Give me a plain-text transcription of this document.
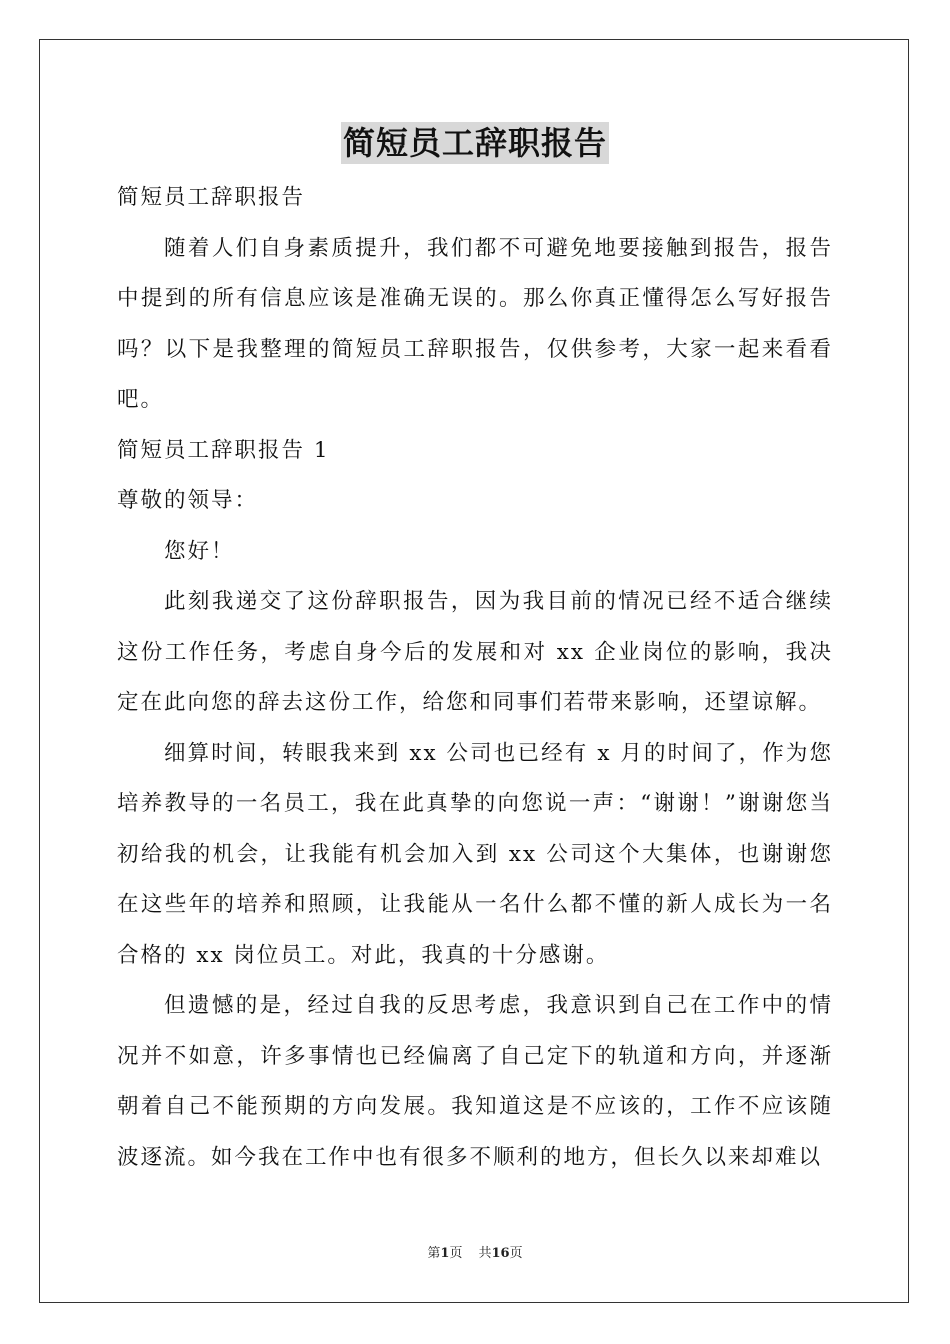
简短员工辞职报告

简短员工辞职报告

随着人们自身素质提升，我们都不可避免地要接触到报告，报告中提到的所有信息应该是准确无误的。那么你真正懂得怎么写好报告吗？以下是我整理的简短员工辞职报告，仅供参考，大家一起来看看吧。

简短员工辞职报告 1

尊敬的领导：

您好！

此刻我递交了这份辞职报告，因为我目前的情况已经不适合继续这份工作任务，考虑自身今后的发展和对 xx 企业岗位的影响，我决定在此向您的辞去这份工作，给您和同事们若带来影响，还望谅解。

细算时间，转眼我来到 xx 公司也已经有 x 月的时间了，作为您培养教导的一名员工，我在此真挚的向您说一声：“谢谢！”谢谢您当初给我的机会，让我能有机会加入到 xx 公司这个大集体，也谢谢您在这些年的培养和照顾，让我能从一名什么都不懂的新人成长为一名合格的 xx 岗位员工。对此，我真的十分感谢。

但遗憾的是，经过自我的反思考虑，我意识到自己在工作中的情况并不如意，许多事情也已经偏离了自己定下的轨道和方向，并逐渐朝着自己不能预期的方向发展。我知道这是不应该的，工作不应该随波逐流。如今我在工作中也有很多不顺利的地方，但长久以来却难以

第1页 共16页
